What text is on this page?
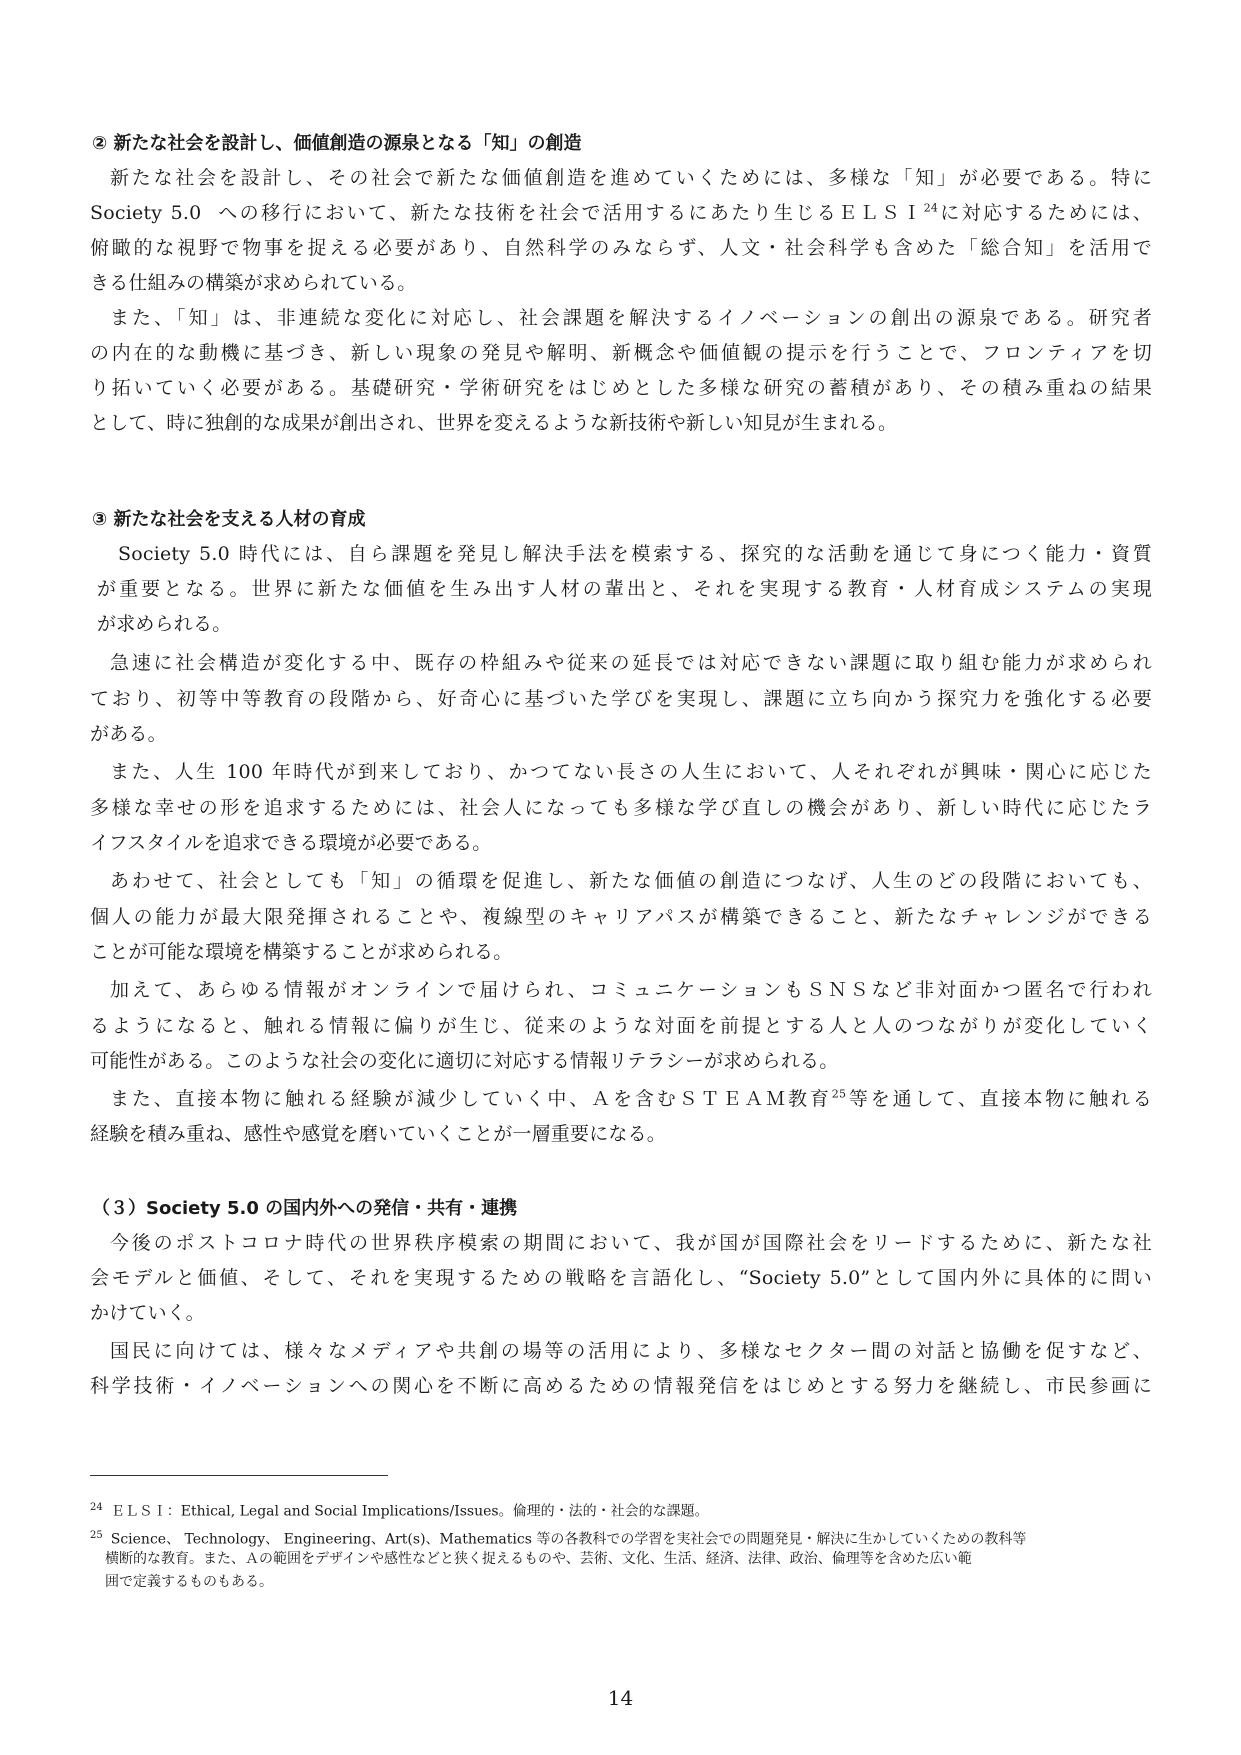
② 新たな社会を設計し、価値創造の源泉となる「知」の創造
新たな社会を設計し、その社会で新たな価値創造を進めていくためには、多様な「知」が必要である。特に
Society 5.0 への移行において、新たな技術を社会で活用するにあたり生じるＥＬＳＩ$^{24}$に対応するためには、
俯瞰的な視野で物事を捉える必要があり、自然科学のみならず、人文・社会科学も含めた「総合知」を活用で
きる仕組みの構築が求められている。
また、「知」は、非連続な変化に対応し、社会課題を解決するイノベーションの創出の源泉である。研究者
の内在的な動機に基づき、新しい現象の発見や解明、新概念や価値観の提示を行うことで、フロンティアを切
り拓いていく必要がある。基礎研究・学術研究をはじめとした多様な研究の蓄積があり、その積み重ねの結果
として、時に独創的な成果が創出され、世界を変えるような新技術や新しい知見が生まれる。
③ 新たな社会を支える人材の育成
Society 5.0 時代には、自ら課題を発見し解決手法を模索する、探究的な活動を通じて身につく能力・資質
が重要となる。世界に新たな価値を生み出す人材の輩出と、それを実現する教育・人材育成システムの実現
が求められる。
急速に社会構造が変化する中、既存の枠組みや従来の延長では対応できない課題に取り組む能力が求められ
ており、初等中等教育の段階から、好奇心に基づいた学びを実現し、課題に立ち向かう探究力を強化する必要
がある。
また、人生 100 年時代が到来しており、かつてない長さの人生において、人それぞれが興味・関心に応じた
多様な幸せの形を追求するためには、社会人になっても多様な学び直しの機会があり、新しい時代に応じたラ
イフスタイルを追求できる環境が必要である。
あわせて、社会としても「知」の循環を促進し、新たな価値の創造につなげ、人生のどの段階においても、
個人の能力が最大限発揮されることや、複線型のキャリアパスが構築できること、新たなチャレンジができる
ことが可能な環境を構築することが求められる。
加えて、あらゆる情報がオンラインで届けられ、コミュニケーションもＳＮＳなど非対面かつ匿名で行われ
るようになると、触れる情報に偏りが生じ、従来のような対面を前提とする人と人のつながりが変化していく
可能性がある。このような社会の変化に適切に対応する情報リテラシーが求められる。
また、直接本物に触れる経験が減少していく中、Ａを含むＳＴＥＡＭ教育$^{25}$等を通して、直接本物に触れる
経験を積み重ね、感性や感覚を磨いていくことが一層重要になる。
（３）Society 5.0 の国内外への発信・共有・連携
今後のポストコロナ時代の世界秩序模索の期間において、我が国が国際社会をリードするために、新たな社
会モデルと価値、そして、それを実現するための戦略を言語化し、“Society 5.0”として国内外に具体的に問い
かけていく。
国民に向けては、様々なメディアや共創の場等の活用により、多様なセクター間の対話と協働を促すなど、
科学技術・イノベーションへの関心を不断に高めるための情報発信をはじめとする努力を継続し、市民参画に
$^{24}$ ＥＬＳＩ：Ethical, Legal and Social Implications/Issues。倫理的・法的・社会的な課題。
$^{25}$ Science、 Technology、 Engineering、Art(s)、Mathematics 等の各教科での学習を実社会での問題発見・解決に生かしていくための教科等
横断的な教育。また、Ａの範囲をデザインや感性などと狭く捉えるものや、芸術、文化、生活、経済、法律、政治、倫理等を含めた広い範
囲で定義するものもある。
14
